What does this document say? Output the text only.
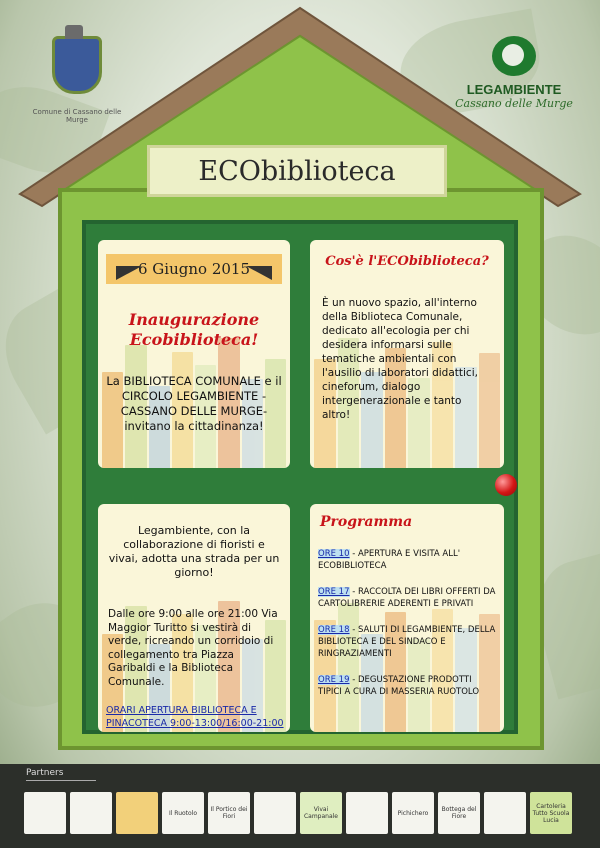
Comune di Cassano delle Murge
LEGAMBIENTE
Cassano delle Murge
ECObiblioteca
6 Giugno 2015
Inaugurazione
Ecobiblioteca!
La BIBLIOTECA COMUNALE e il CIRCOLO LEGAMBIENTE -CASSANO DELLE MURGE- invitano la cittadinanza!
Cos'è l'ECObiblioteca?
È un nuovo spazio, all'interno della Biblioteca Comunale, dedicato all'ecologia per chi desidera informarsi sulle tematiche ambientali con l'ausilio di laboratori didattici, cineforum, dialogo intergenerazionale e tanto altro!
Legambiente, con la collaborazione di fioristi e vivai, adotta una strada per un giorno!
Dalle ore 9:00 alle ore 21:00 Via Maggior Turitto si vestirà di verde, ricreando un corridoio di collegamento tra Piazza Garibaldi e la Biblioteca Comunale.
ORARI APERTURA BIBLIOTECA E PINACOTECA 9:00-13:00/16:00-21:00
Programma
ORE 10 - APERTURA E VISITA ALL' ECOBIBLIOTECA
ORE 17 - RACCOLTA DEI LIBRI OFFERTI DA CARTOLIBRERIE ADERENTI E PRIVATI
ORE 18 - SALUTI DI LEGAMBIENTE, DELLA BIBLIOTECA E DEL SINDACO E RINGRAZIAMENTI
ORE 19 - DEGUSTAZIONE PRODOTTI TIPICI A CURA DI MASSERIA RUOTOLO
Partners
Il Ruotolo	Il Portico dei Fiori
Vivai Campanale	Pichichero	Bottega del Fiore
Cartoleria Tutto Scuola Lucia
